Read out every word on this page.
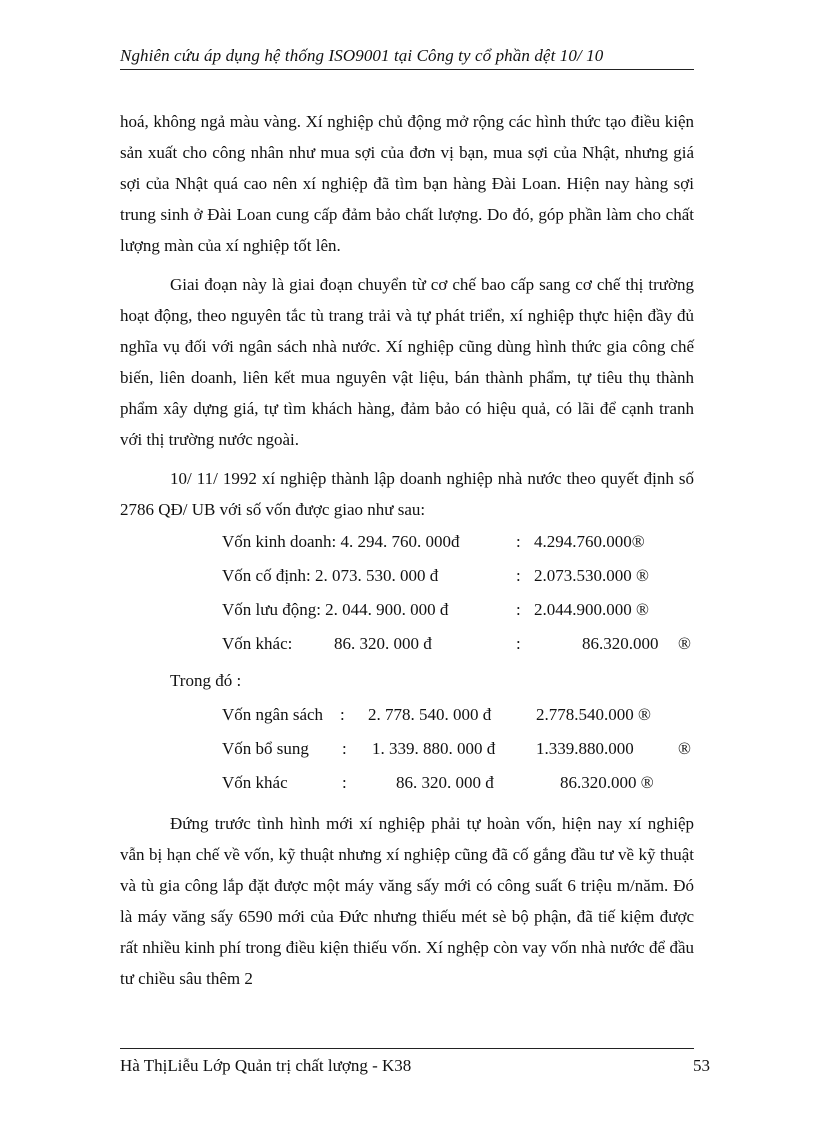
Nghiên cứu áp dụng hệ thống ISO9001 tại Công ty cổ phần dệt 10/ 10

hoá, không ngả màu vàng. Xí nghiệp chủ động mở rộng các hình thức tạo điều kiện sản xuất cho công nhân như mua sợi của đơn vị bạn, mua sợi của Nhật, nhưng giá sợi của Nhật quá cao nên xí nghiệp đã tìm bạn hàng Đài Loan. Hiện nay hàng sợi trung sinh ở Đài Loan cung cấp đảm bảo chất lượng. Do đó, góp phần làm cho chất lượng màn của xí nghiệp tốt lên.

Giai đoạn này là giai đoạn chuyển từ cơ chế bao cấp sang cơ chế thị trường hoạt động, theo nguyên tắc tù trang trải và tự phát triển, xí nghiệp thực hiện đầy đủ nghĩa vụ đối với ngân sách nhà nước. Xí nghiệp cũng dùng hình thức gia công chế biến, liên doanh, liên kết mua nguyên vật liệu, bán thành phẩm, tự tiêu thụ thành phẩm xây dựng giá, tự tìm khách hàng, đảm bảo có hiệu quả, có lãi để cạnh tranh với thị trường nước ngoài.

10/ 11/ 1992 xí nghiệp thành lập doanh nghiệp nhà nước theo quyết định số 2786 QĐ/ UB với số vốn được giao như sau:

Vốn kinh doanh: 4. 294. 760. 000đ	: 4.294.760.000®
Vốn cố định: 2. 073. 530. 000 đ	: 2.073.530.000 ®
Vốn lưu động: 2. 044. 900. 000 đ	: 2.044.900.000 ®
Vốn khác: 86. 320. 000 đ	:	86.320.000 ®

Trong đó :

Vốn ngân sách : 2. 778. 540. 000 đ	2.778.540.000 ®
Vốn bổ sung : 1. 339. 880. 000 đ 1.339.880.000	®
Vốn khác	:	86. 320. 000 đ	86.320.000 ®

Đứng trước tình hình mới xí nghiệp phải tự hoàn vốn, hiện nay xí nghiệp vẫn bị hạn chế về vốn, kỹ thuật nhưng xí nghiệp cũng đã cố gắng đầu tư về kỹ thuật và tù gia công lắp đặt được một máy văng sấy mới có công suất 6 triệu m/năm. Đó là máy văng sấy 6590 mới của Đức nhưng thiếu mét sè bộ phận, đã tiế kiệm được rất nhiều kinh phí trong điều kiện thiếu vốn. Xí nghệp còn vay vốn nhà nước để đầu tư chiều sâu thêm 2

Hà ThịLiễu Lớp Quản trị chất lượng - K38	53
